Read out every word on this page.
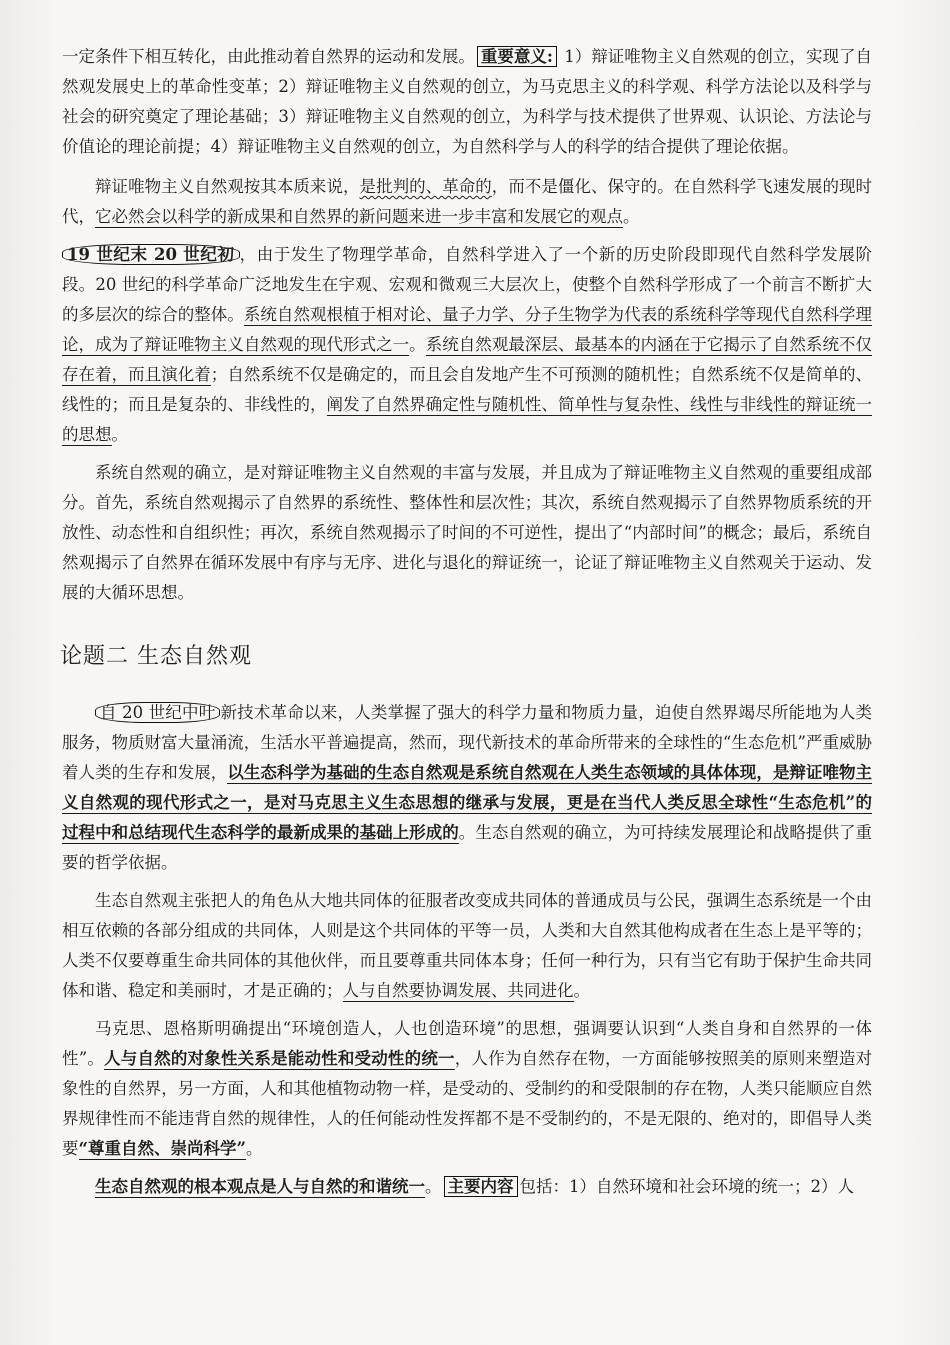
一定条件下相互转化，由此推动着自然界的运动和发展。 重要意义: 1）辩证唯物主义自然观的创立，实现了自然观发展史上的革命性变革；2）辩证唯物主义自然观的创立，为马克思主义的科学观、科学方法论以及科学与社会的研究奠定了理论基础；3）辩证唯物主义自然观的创立，为科学与技术提供了世界观、认识论、方法论与价值论的理论前提；4）辩证唯物主义自然观的创立，为自然科学与人的科学的结合提供了理论依据。

辩证唯物主义自然观按其本质来说，是批判的、革命的，而不是僵化、保守的。在自然科学飞速发展的现时代，它必然会以科学的新成果和自然界的新问题来进一步丰富和发展它的观点。

19 世纪末 20 世纪初 ，由于发生了物理学革命，自然科学进入了一个新的历史阶段即现代自然科学发展阶段。20 世纪的科学革命广泛地发生在宇观、宏观和微观三大层次上，使整个自然科学形成了一个前言不断扩大的多层次的综合的整体。系统自然观根植于相对论、量子力学、分子生物学为代表的系统科学等现代自然科学理论，成为了辩证唯物主义自然观的现代形式之一。系统自然观最深层、最基本的内涵在于它揭示了自然系统不仅存在着，而且演化着；自然系统不仅是确定的，而且会自发地产生不可预测的随机性；自然系统不仅是简单的、线性的；而且是复杂的、非线性的，阐发了自然界确定性与随机性、简单性与复杂性、线性与非线性的辩证统一的思想。

系统自然观的确立，是对辩证唯物主义自然观的丰富与发展，并且成为了辩证唯物主义自然观的重要组成部分。首先，系统自然观揭示了自然界的系统性、整体性和层次性；其次，系统自然观揭示了自然界物质系统的开放性、动态性和自组织性；再次，系统自然观揭示了时间的不可逆性，提出了“内部时间”的概念；最后，系统自然观揭示了自然界在循环发展中有序与无序、进化与退化的辩证统一，论证了辩证唯物主义自然观关于运动、发展的大循环思想。

论题二 生态自然观

自 20 世纪中叶 新技术革命以来，人类掌握了强大的科学力量和物质力量，迫使自然界竭尽所能地为人类服务，物质财富大量涌流，生活水平普遍提高，然而，现代新技术的革命所带来的全球性的“生态危机”严重威胁着人类的生存和发展，以生态科学为基础的生态自然观是系统自然观在人类生态领域的具体体现，是辩证唯物主义自然观的现代形式之一，是对马克思主义生态思想的继承与发展，更是在当代人类反思全球性“生态危机”的过程中和总结现代生态科学的最新成果的基础上形成的。生态自然观的确立，为可持续发展理论和战略提供了重要的哲学依据。

生态自然观主张把人的角色从大地共同体的征服者改变成共同体的普通成员与公民，强调生态系统是一个由相互依赖的各部分组成的共同体，人则是这个共同体的平等一员，人类和大自然其他构成者在生态上是平等的；人类不仅要尊重生命共同体的其他伙伴，而且要尊重共同体本身；任何一种行为，只有当它有助于保护生命共同体和谐、稳定和美丽时，才是正确的；人与自然要协调发展、共同进化。

马克思、恩格斯明确提出“环境创造人，人也创造环境”的思想，强调要认识到“人类自身和自然界的一体性”。人与自然的对象性关系是能动性和受动性的统一，人作为自然存在物，一方面能够按照美的原则来塑造对象性的自然界，另一方面，人和其他植物动物一样，是受动的、受制约的和受限制的存在物，人类只能顺应自然界规律性而不能违背自然的规律性，人的任何能动性发挥都不是不受制约的，不是无限的、绝对的，即倡导人类要“尊重自然、崇尚科学”。

生态自然观的根本观点是人与自然的和谐统一。 主要内容 包括：1）自然环境和社会环境的统一；2）人
